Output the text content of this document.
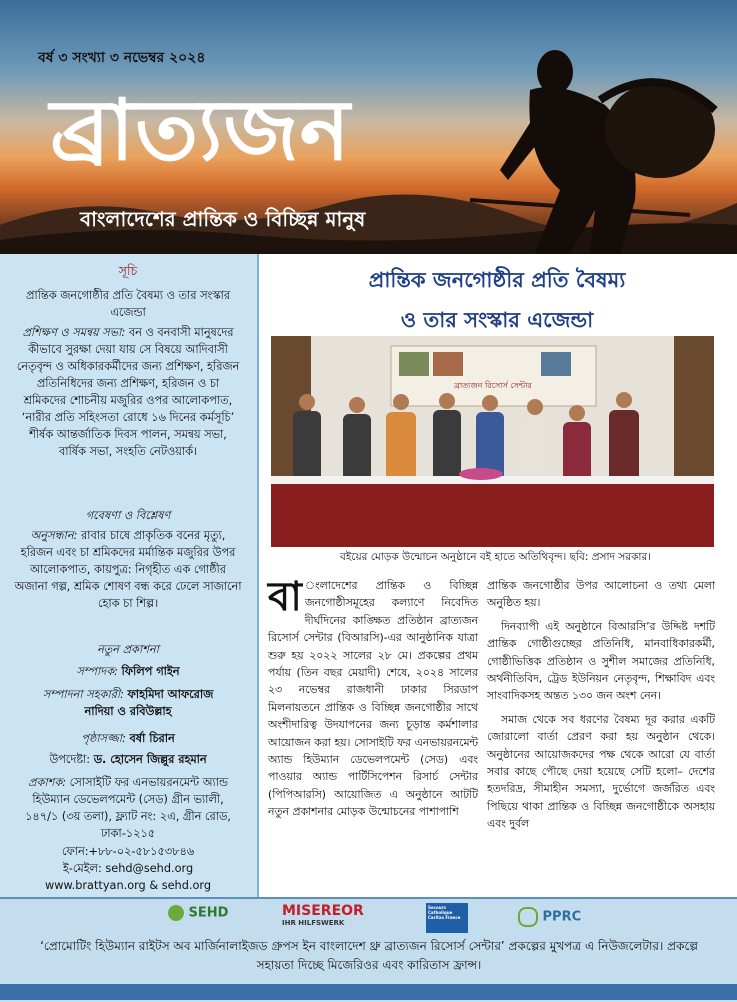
বর্ষ ৩ সংখ্যা ৩ নভেম্বর ২০২৪
ব্রাত্যজন
বাংলাদেশের প্রান্তিক ও বিচ্ছিন্ন মানুষ
সূচি
প্রান্তিক জনগোষ্ঠীর প্রতি বৈষম্য ও তার সংস্কার এজেন্ডা
প্রশিক্ষণ ও সমন্বয় সভা: বন ও বনবাসী মানুষদের কীভাবে সুরক্ষা দেয়া যায় সে বিষয়ে আদিবাসী নেতৃবৃন্দ ও অধিকারকর্মীদের জন্য প্রশিক্ষণ, হরিজন প্রতিনিধিদের জন্য প্রশিক্ষণ, হরিজন ও চা শ্রমিকদের শোচনীয় মজুরির ওপর আলোকপাত, ‘নারীর প্রতি সহিংসতা রোধে ১৬ দিনের কর্মসূচি’ শীর্ষক আন্তর্জাতিক দিবস পালন, সমন্বয় সভা, বার্ষিক সভা, সংহতি নেটওয়ার্ক।
গবেষণা ও বিশ্লেষণ
অনুসন্ধান: রাবার চাষে প্রাকৃতিক বনের মৃত্যু, হরিজন এবং চা শ্রমিকদের মর্মান্তিক মজুরির উপর আলোকপাত, কায়পুত্র: নিগৃহীত এক গোষ্ঠীর অজানা গল্প, শ্রমিক শোষণ বন্ধ করে ঢেলে সাজানো হোক চা শিল্প।
নতুন প্রকাশনা
সম্পাদক: ফিলিপ গাইন
সম্পাদনা সহকারী: ফাহমিদা আফরোজ
নাদিয়া ও রবিউল্লাহ
পৃষ্ঠাসজ্জা: বর্ষা চিরান
উপদেষ্টা: ড. হোসেন জিল্লুর রহমান
প্রকাশক: সোসাইটি ফর এনভায়রনমেন্ট অ্যান্ড হিউম্যান ডেভেলপমেন্ট (সেড) গ্রীন ভ্যালী, ১৪৭/১ (৩য় তলা), ফ্ল্যাট নং: ২এ, গ্রীন রোড, ঢাকা-১২১৫
ফোন:+৮৮-০২-৫৮১৫৩৮৪৬
ই-মেইল: sehd@sehd.org
www.brattyan.org & sehd.org
প্রান্তিক জনগোষ্ঠীর প্রতি বৈষম্য
ও তার সংস্কার এজেন্ডা
ব্রাত্যজন রিসোর্স সেন্টার
বইয়ের মোড়ক উন্মোচন অনুষ্ঠানে বই হাতে অতিথিবৃন্দ। ছবি: প্রসাদ সরকার।
বা ংলাদেশের প্রান্তিক ও বিচ্ছিন্ন জনগোষ্ঠীসমূহের কল্যাণে নিবেদিত দীর্ঘদিনের কাঙ্ক্ষিত প্রতিষ্ঠান ব্রাত্যজন রিসোর্স সেন্টার (বিআরসি)-এর আনুষ্ঠানিক যাত্রা শুরু হয় ২০২২ সালের ২৮ মে। প্রকল্পের প্রথম পর্যায় (তিন বছর মেয়াদী) শেষে, ২০২৪ সালের ২৩ নভেম্বর রাজধানী ঢাকার সিরডাপ মিলনায়তনে প্রান্তিক ও বিচ্ছিন্ন জনগোষ্ঠীর সাথে অংশীদারিত্ব উদযাপনের জন্য চূড়ান্ত কর্মশালার আয়োজন করা হয়। সোসাইটি ফর এনভায়রনমেন্ট অ্যান্ড হিউম্যান ডেভেলপমেন্ট (সেড) এবং পাওয়ার অ্যান্ড পার্টিসিপেশন রিসার্চ সেন্টার (পিপিআরসি) আয়োজিত এ অনুষ্ঠানে আটটি নতুন প্রকাশনার মোড়ক উন্মোচনের পাশাপাশি
প্রান্তিক জনগোষ্ঠীর উপর আলোচনা ও তথ্য মেলা অনুষ্ঠিত হয়।
দিনব্যাপী এই অনুষ্ঠানে বিআরসি’র উদ্দিষ্ট দশটি প্রান্তিক গোষ্ঠীগুচ্ছের প্রতিনিধি, মানবাধিকারকর্মী, গোষ্ঠীভিত্তিক প্রতিষ্ঠান ও সুশীল সমাজের প্রতিনিধি, অর্থনীতিবিদ, ট্রেড ইউনিয়ন নেতৃবৃন্দ, শিক্ষাবিদ এবং সাংবাদিকসহ অন্তত ১৩০ জন অংশ নেন।
সমাজ থেকে সব ধরণের বৈষম্য দূর করার একটি জোরালো বার্তা প্রেরণ করা হয় অনুষ্ঠান থেকে। অনুষ্ঠানের আয়োজকদের পক্ষ থেকে আরো যে বার্তা সবার কাছে পৌছে দেয়া হয়েছে সেটি হলো– দেশের হতদরিদ্র, সীমাহীন সমস্যা, দুর্ভোগে জর্জরিত এবং পিছিয়ে থাকা প্রান্তিক ও বিচ্ছিন্ন জনগোষ্ঠীকে অসহায় এবং দুর্বল
SEHD	MISEREOR
IHR HILFSWERK
Secours Catholique Caritas France	PPRC
‘প্রোমোটিং হিউম্যান রাইটস অব মার্জিনালাইজড গ্রুপস ইন বাংলাদেশ থ্রু ব্রাত্যজন রিসোর্স সেন্টার’ প্রকল্পের মুখপত্র এ নিউজলেটার। প্রকল্পে সহায়তা দিচ্ছে মিজেরিওর এবং কারিতাস ফ্রান্স।
